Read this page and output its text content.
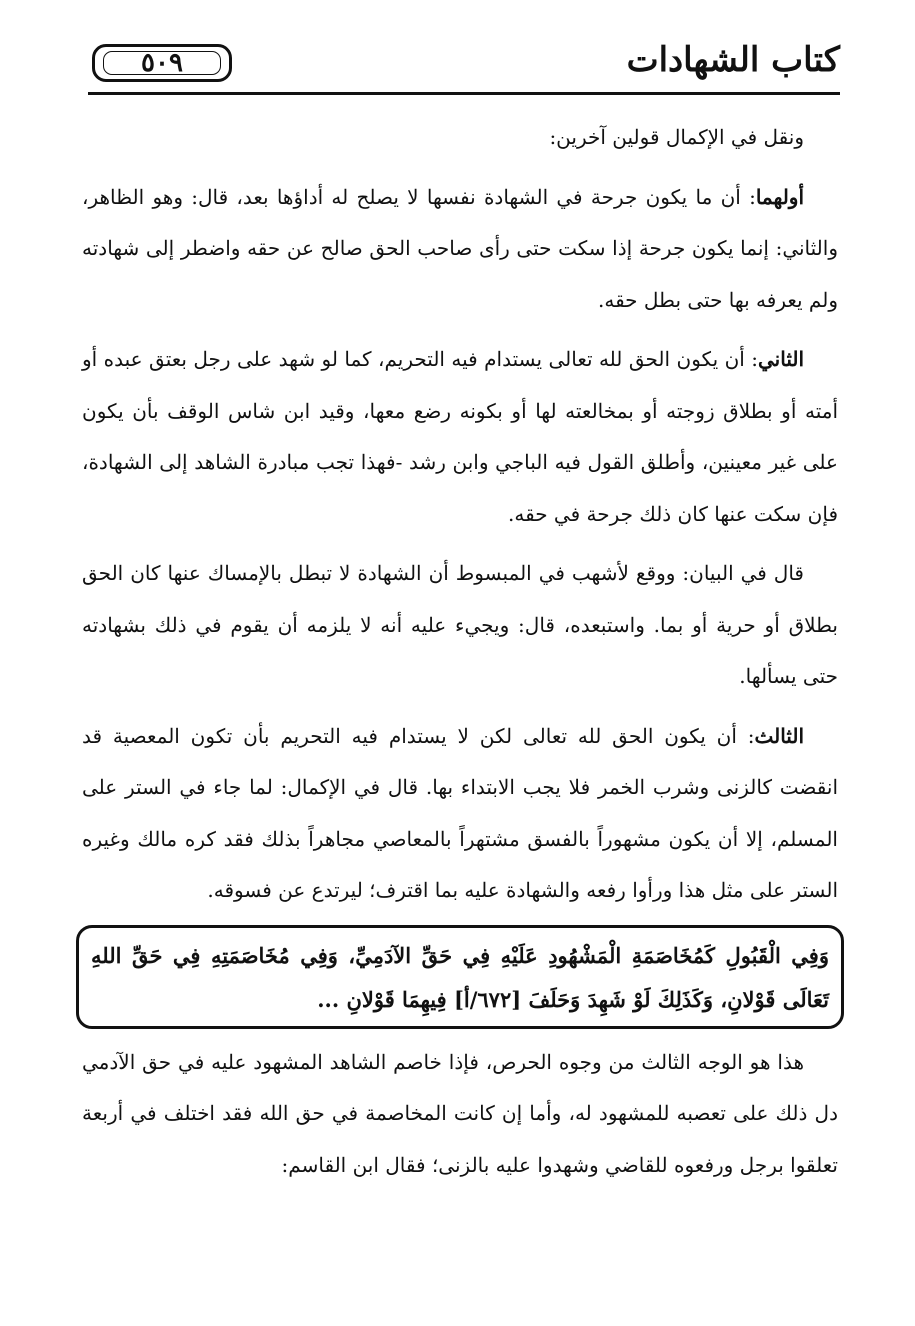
٥٠٩	كتاب الشهادات

ونقل في الإكمال قولين آخرين:

أولهما: أن ما يكون جرحة في الشهادة نفسها لا يصلح له أداؤها بعد، قال: وهو الظاهر، والثاني: إنما يكون جرحة إذا سكت حتى رأى صاحب الحق صالح عن حقه واضطر إلى شهادته ولم يعرفه بها حتى بطل حقه.

الثاني: أن يكون الحق لله تعالى يستدام فيه التحريم، كما لو شهد على رجل بعتق عبده أو أمته أو بطلاق زوجته أو بمخالعته لها أو بكونه رضع معها، وقيد ابن شاس الوقف بأن يكون على غير معينين، وأطلق القول فيه الباجي وابن رشد -فهذا تجب مبادرة الشاهد إلى الشهادة، فإن سكت عنها كان ذلك جرحة في حقه.

قال في البيان: ووقع لأشهب في المبسوط أن الشهادة لا تبطل بالإمساك عنها كان الحق بطلاق أو حرية أو بما. واستبعده، قال: ويجيء عليه أنه لا يلزمه أن يقوم في ذلك بشهادته حتى يسألها.

الثالث: أن يكون الحق لله تعالى لكن لا يستدام فيه التحريم بأن تكون المعصية قد انقضت كالزنى وشرب الخمر فلا يجب الابتداء بها. قال في الإكمال: لما جاء في الستر على المسلم، إلا أن يكون مشهوراً بالفسق مشتهراً بالمعاصي مجاهراً بذلك فقد كره مالك وغيره الستر على مثل هذا ورأوا رفعه والشهادة عليه بما اقترف؛ ليرتدع عن فسوقه.

وَفِي الْقَبُولِ كَمُخَاصَمَةِ الْمَشْهُودِ عَلَيْهِ فِي حَقِّ الآدَمِيِّ، وَفِي مُخَاصَمَتِهِ فِي حَقِّ اللهِ تَعَالَى قَوْلانِ، وَكَذَلِكَ لَوْ شَهِدَ وَحَلَفَ [٦٧٢/أ] فِيهِمَا قَوْلانِ ...

هذا هو الوجه الثالث من وجوه الحرص، فإذا خاصم الشاهد المشهود عليه في حق الآدمي دل ذلك على تعصبه للمشهود له، وأما إن كانت المخاصمة في حق الله فقد اختلف في أربعة تعلقوا برجل ورفعوه للقاضي وشهدوا عليه بالزنى؛ فقال ابن القاسم:
